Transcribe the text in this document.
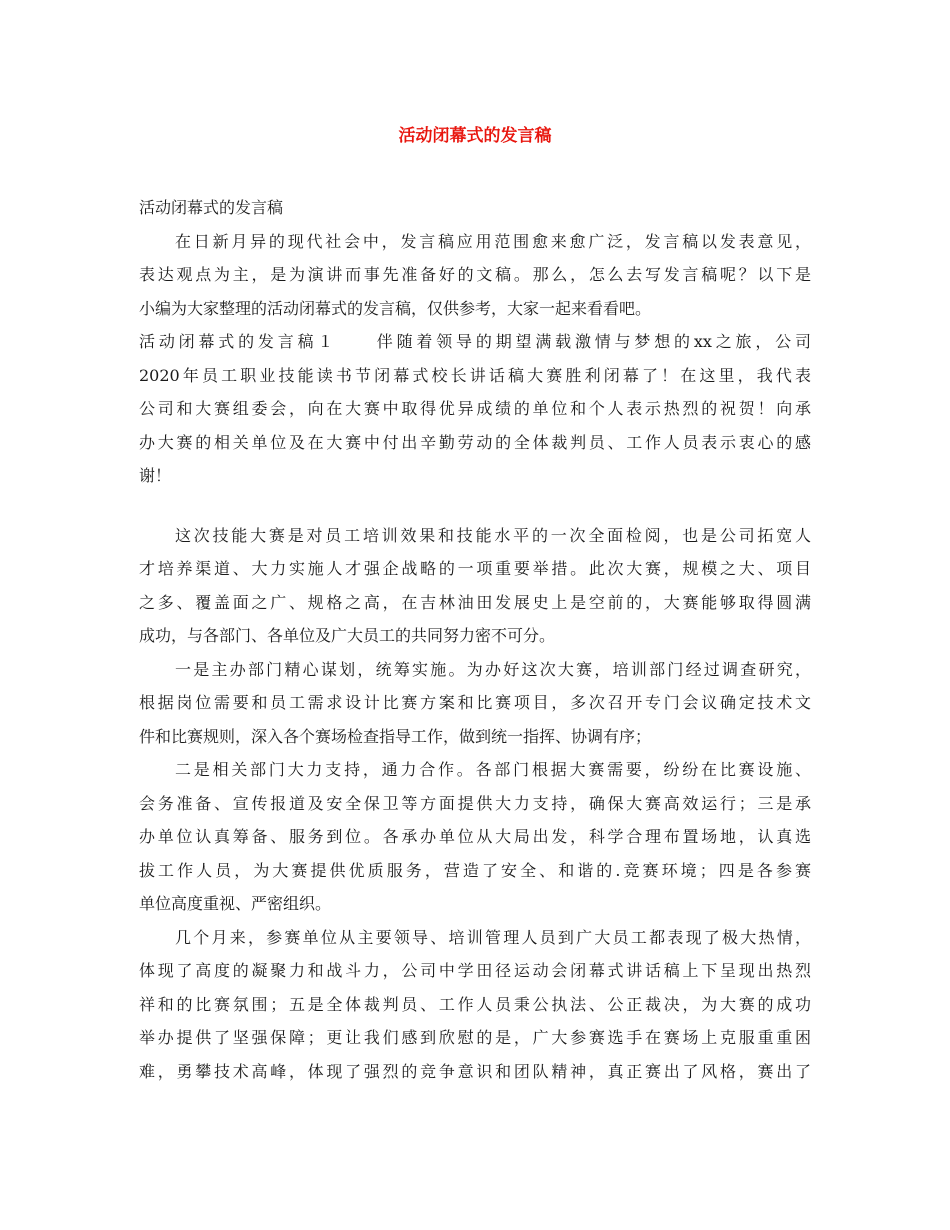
活动闭幕式的发言稿
活动闭幕式的发言稿
在日新月异的现代社会中，发言稿应用范围愈来愈广泛，发言稿以发表意见，
表达观点为主，是为演讲而事先准备好的文稿。那么，怎么去写发言稿呢？以下是
小编为大家整理的活动闭幕式的发言稿，仅供参考，大家一起来看看吧。
活动闭幕式的发言稿１　　伴随着领导的期望满载激情与梦想的xx之旅，公司
2020年员工职业技能读书节闭幕式校长讲话稿大赛胜利闭幕了！在这里，我代表
公司和大赛组委会，向在大赛中取得优异成绩的单位和个人表示热烈的祝贺！向承
办大赛的相关单位及在大赛中付出辛勤劳动的全体裁判员、工作人员表示衷心的感
谢！
这次技能大赛是对员工培训效果和技能水平的一次全面检阅，也是公司拓宽人
才培养渠道、大力实施人才强企战略的一项重要举措。此次大赛，规模之大、项目
之多、覆盖面之广、规格之高，在吉林油田发展史上是空前的，大赛能够取得圆满
成功，与各部门、各单位及广大员工的共同努力密不可分。
一是主办部门精心谋划，统筹实施。为办好这次大赛，培训部门经过调查研究，
根据岗位需要和员工需求设计比赛方案和比赛项目，多次召开专门会议确定技术文
件和比赛规则，深入各个赛场检查指导工作，做到统一指挥、协调有序；
二是相关部门大力支持，通力合作。各部门根据大赛需要，纷纷在比赛设施、
会务准备、宣传报道及安全保卫等方面提供大力支持，确保大赛高效运行；三是承
办单位认真筹备、服务到位。各承办单位从大局出发，科学合理布置场地，认真选
拔工作人员，为大赛提供优质服务，营造了安全、和谐的.竞赛环境；四是各参赛
单位高度重视、严密组织。
几个月来，参赛单位从主要领导、培训管理人员到广大员工都表现了极大热情，
体现了高度的凝聚力和战斗力，公司中学田径运动会闭幕式讲话稿上下呈现出热烈
祥和的比赛氛围；五是全体裁判员、工作人员秉公执法、公正裁决，为大赛的成功
举办提供了坚强保障；更让我们感到欣慰的是，广大参赛选手在赛场上克服重重困
难，勇攀技术高峰，体现了强烈的竞争意识和团队精神，真正赛出了风格，赛出了
